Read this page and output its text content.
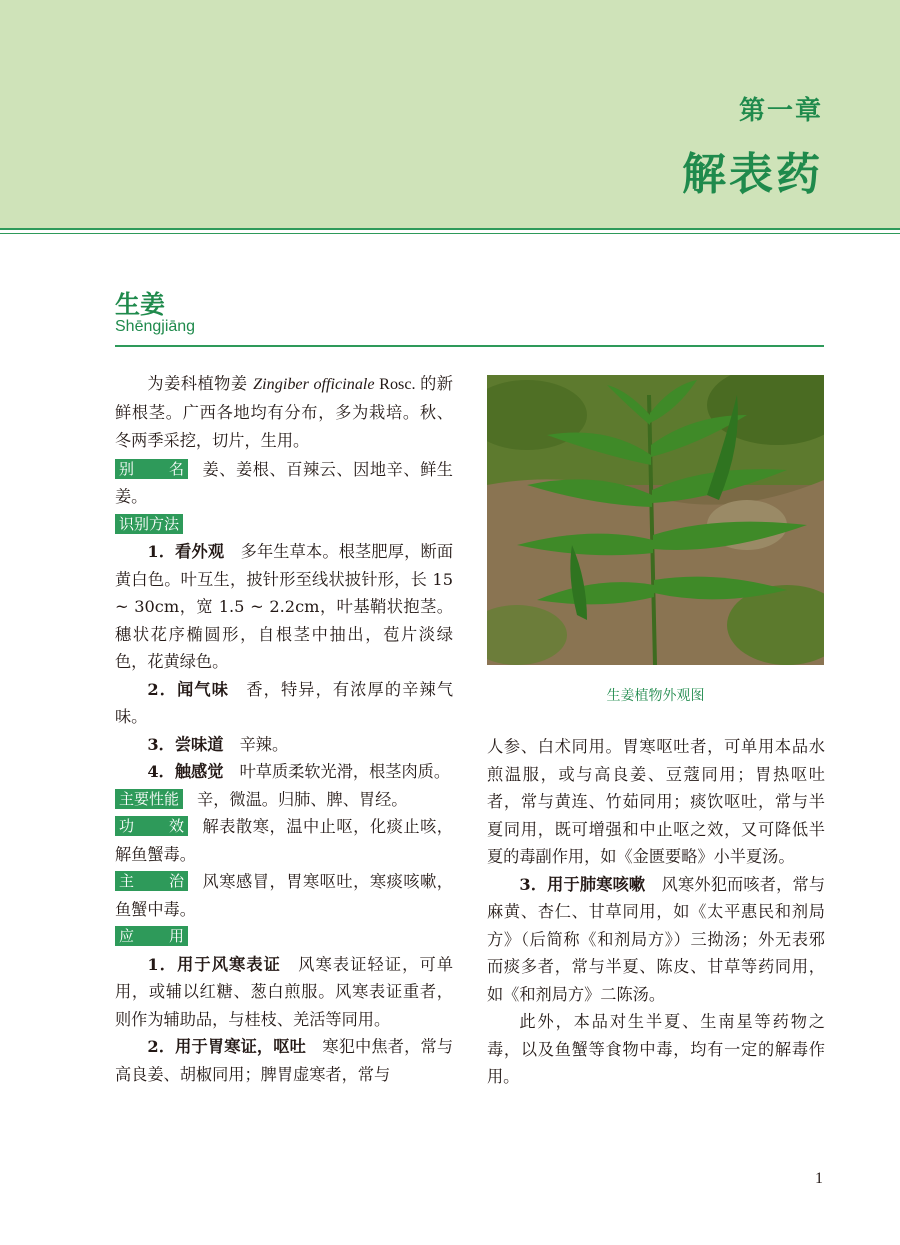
第一章
解表药
生姜
Shēngjiāng

为姜科植物姜 Zingiber officinale Rosc. 的新鲜根茎。广西各地均有分布，多为栽培。秋、冬两季采挖，切片，生用。

别　名 姜、姜根、百辣云、因地辛、鲜生姜。

识别方法

1．看外观　多年生草本。根茎肥厚，断面黄白色。叶互生，披针形至线状披针形，长 15 ~ 30cm，宽 1.5 ~ 2.2cm，叶基鞘状抱茎。穗状花序椭圆形，自根茎中抽出，苞片淡绿色，花黄绿色。

2．闻气味　香，特异，有浓厚的辛辣气味。

3．尝味道　辛辣。

4．触感觉　叶草质柔软光滑，根茎肉质。

主要性能 辛，微温。归肺、脾、胃经。

功　效 解表散寒，温中止呕，化痰止咳，解鱼蟹毒。

主　治 风寒感冒，胃寒呕吐，寒痰咳嗽，鱼蟹中毒。

应　用

1．用于风寒表证　风寒表证轻证，可单用，或辅以红糖、葱白煎服。风寒表证重者，则作为辅助品，与桂枝、羌活等同用。

2．用于胃寒证，呕吐　寒犯中焦者，常与高良姜、胡椒同用；脾胃虚寒者，常与

生姜植物外观图

人参、白术同用。胃寒呕吐者，可单用本品水煎温服，或与高良姜、豆蔻同用；胃热呕吐者，常与黄连、竹茹同用；痰饮呕吐，常与半夏同用，既可增强和中止呕之效，又可降低半夏的毒副作用，如《金匮要略》小半夏汤。

3．用于肺寒咳嗽　风寒外犯而咳者，常与麻黄、杏仁、甘草同用，如《太平惠民和剂局方》（后简称《和剂局方》）三拗汤；外无表邪而痰多者，常与半夏、陈皮、甘草等药同用，如《和剂局方》二陈汤。

此外，本品对生半夏、生南星等药物之毒，以及鱼蟹等食物中毒，均有一定的解毒作用。

1
